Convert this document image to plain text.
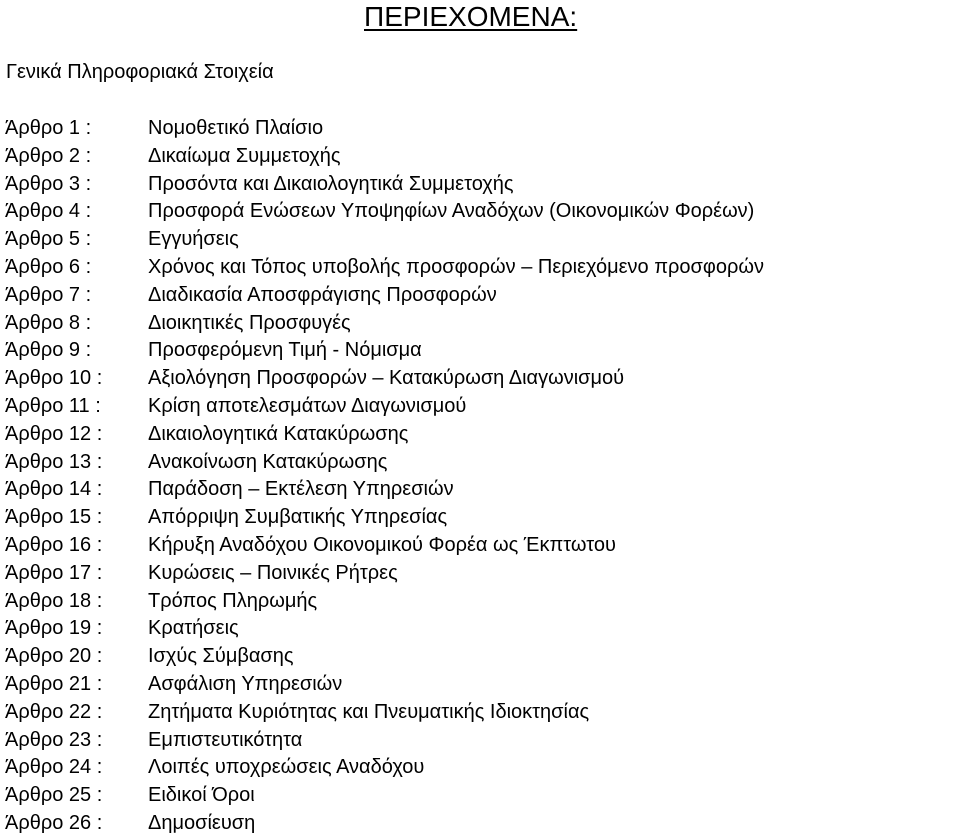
ΠΕΡΙΕΧΟΜΕΝΑ:
Γενικά Πληροφοριακά Στοιχεία
Άρθρο 1 :	Νομοθετικό Πλαίσιο
Άρθρο 2 :	Δικαίωμα Συμμετοχής
Άρθρο 3 :	Προσόντα και Δικαιολογητικά Συμμετοχής
Άρθρο 4 :	Προσφορά Ενώσεων Υποψηφίων Αναδόχων (Οικονομικών Φορέων)
Άρθρο 5 :	Εγγυήσεις
Άρθρο 6 :	Χρόνος και Τόπος υποβολής προσφορών – Περιεχόμενο προσφορών
Άρθρο 7 :	Διαδικασία Αποσφράγισης Προσφορών
Άρθρο 8 :	Διοικητικές Προσφυγές
Άρθρο 9 :	Προσφερόμενη Τιμή - Νόμισμα
Άρθρο 10 : Αξιολόγηση Προσφορών – Κατακύρωση Διαγωνισμού
Άρθρο 11 : Κρίση αποτελεσμάτων Διαγωνισμού
Άρθρο 12 : Δικαιολογητικά Κατακύρωσης
Άρθρο 13 : Ανακοίνωση Κατακύρωσης
Άρθρο 14 : Παράδοση – Εκτέλεση Υπηρεσιών
Άρθρο 15 : Απόρριψη Συμβατικής Υπηρεσίας
Άρθρο 16 : Κήρυξη Αναδόχου Οικονομικού Φορέα ως Έκπτωτου
Άρθρο 17 : Κυρώσεις – Ποινικές Ρήτρες
Άρθρο 18 : Τρόπος Πληρωμής
Άρθρο 19 : Κρατήσεις
Άρθρο 20 : Ισχύς Σύμβασης
Άρθρο 21 : Ασφάλιση Υπηρεσιών
Άρθρο 22 : Ζητήματα Κυριότητας και Πνευματικής Ιδιοκτησίας
Άρθρο 23 : Εμπιστευτικότητα
Άρθρο 24 : Λοιπές υποχρεώσεις Αναδόχου
Άρθρο 25 : Ειδικοί Όροι
Άρθρο 26 : Δημοσίευση
